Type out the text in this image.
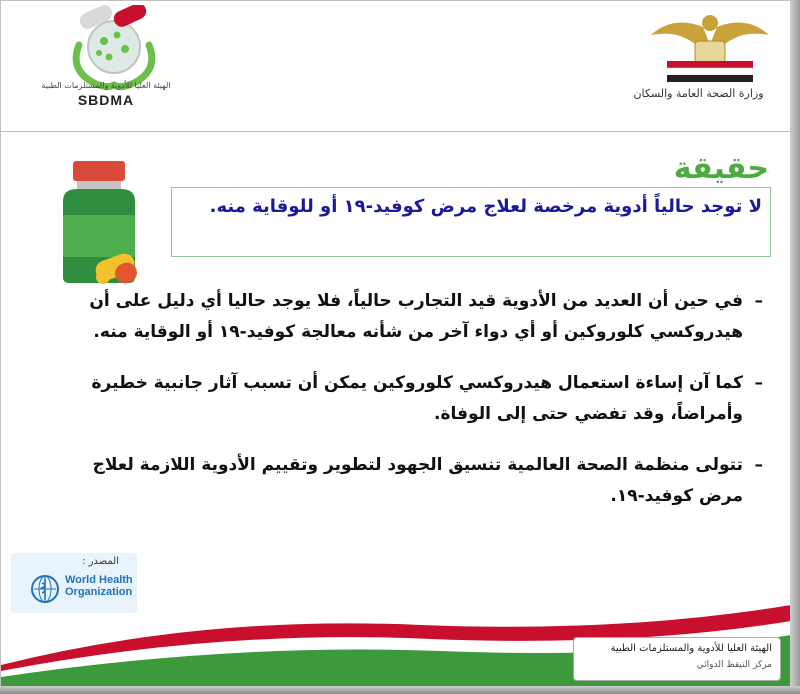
الهيئة العليا للأدوية والمستلزمات الطبية
SBDMA	وزارة الصحة العامة والسكان
حقيقة
لا توجد حالياً أدوية مرخصة لعلاج مرض كوفيد-١٩ أو للوقاية منه.
–
في حين أن العديد من الأدوية قيد التجارب حالياً، فلا يوجد حاليا أي دليل على أن هيدروكسي كلوروكين أو أي دواء آخر من شأنه معالجة كوفيد-١٩ أو الوقاية منه.
–
كما آن إساءة استعمال هيدروكسي كلوروكين يمكن أن تسبب آثار جانبية خطيرة وأمراضاً، وقد تفضي حتى إلى الوفاة.
–
تتولى منظمة الصحة العالمية تنسيق الجهود لتطوير وتقييم الأدوية اللازمة لعلاج مرض كوفيد-١٩.
المصدر :
World Health
Organization
الهيئة العليا للأدوية والمستلزمات الطبية
مركز التيقظ الدوائي
